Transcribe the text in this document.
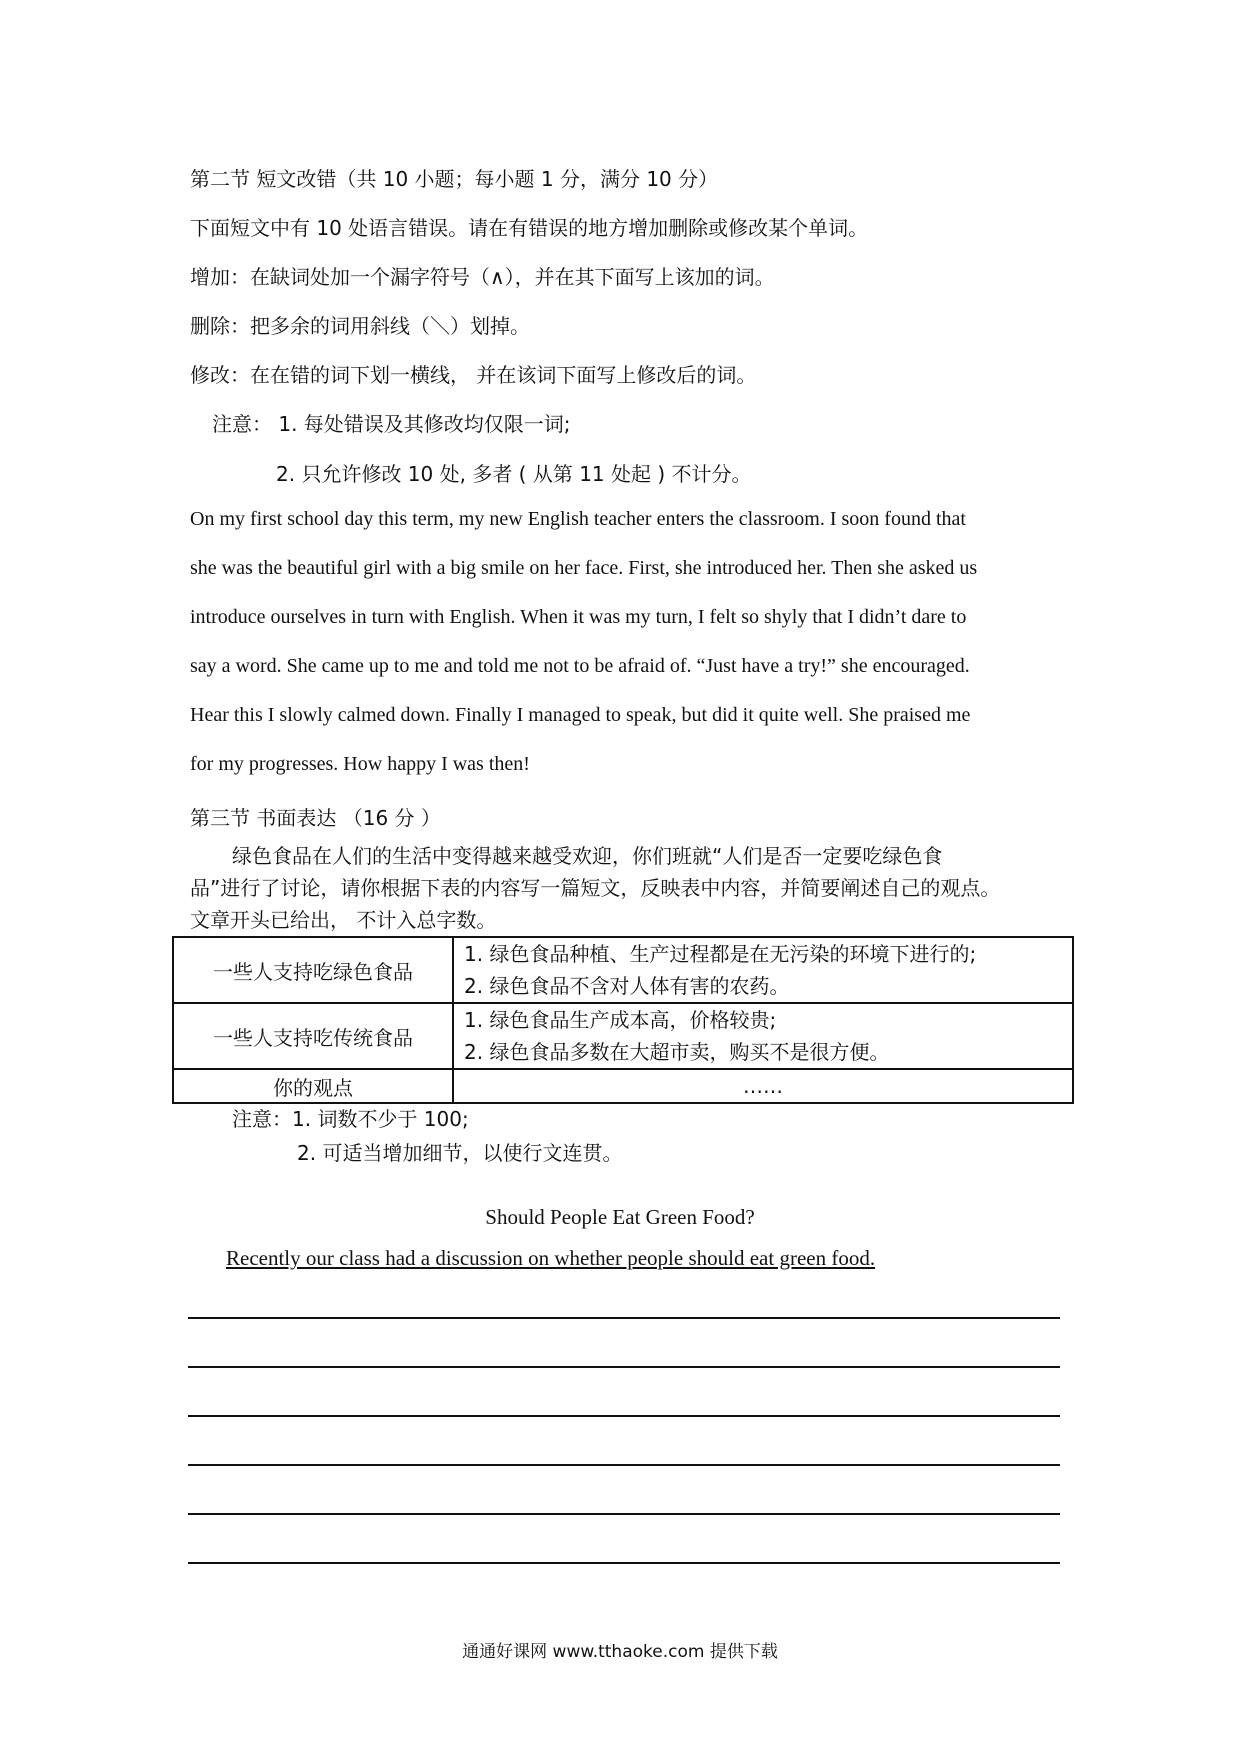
第二节 短文改错（共 10 小题；每小题 1 分，满分 10 分）
下面短文中有 10 处语言错误。请在有错误的地方增加删除或修改某个单词。
增加：在缺词处加一个漏字符号（∧），并在其下面写上该加的词。
删除：把多余的词用斜线（＼）划掉。
修改：在在错的词下划一横线， 并在该词下面写上修改后的词。
注意： 1. 每处错误及其修改均仅限一词;
2. 只允许修改 10 处, 多者 ( 从第 11 处起 ) 不计分。
On my first school day this term, my new English teacher enters the classroom. I soon found that
she was the beautiful girl with a big smile on her face. First, she introduced her. Then she asked us
introduce ourselves in turn with English. When it was my turn, I felt so shyly that I didn’t dare to
say a word. She came up to me and told me not to be afraid of. “Just have a try!” she encouraged.
Hear this I slowly calmed down. Finally I managed to speak, but did it quite well. She praised me
for my progresses. How happy I was then!
第三节 书面表达 （16 分 ）
绿色食品在人们的生活中变得越来越受欢迎，你们班就“人们是否一定要吃绿色食
品”进行了讨论，请你根据下表的内容写一篇短文，反映表中内容，并简要阐述自己的观点。
文章开头已给出， 不计入总字数。
一些人支持吃绿色食品	1. 绿色食品种植、生产过程都是在无污染的环境下进行的;
2. 绿色食品不含对人体有害的农药。

一些人支持吃传统食品	1. 绿色食品生产成本高，价格较贵;
2. 绿色食品多数在大超市卖，购买不是很方便。

你的观点	……
注意：1. 词数不少于 100;
2. 可适当增加细节，以使行文连贯。
Should People Eat Green Food?
Recently our class had a discussion on whether people should eat green food.
通通好课网 www.tthaoke.com 提供下载
